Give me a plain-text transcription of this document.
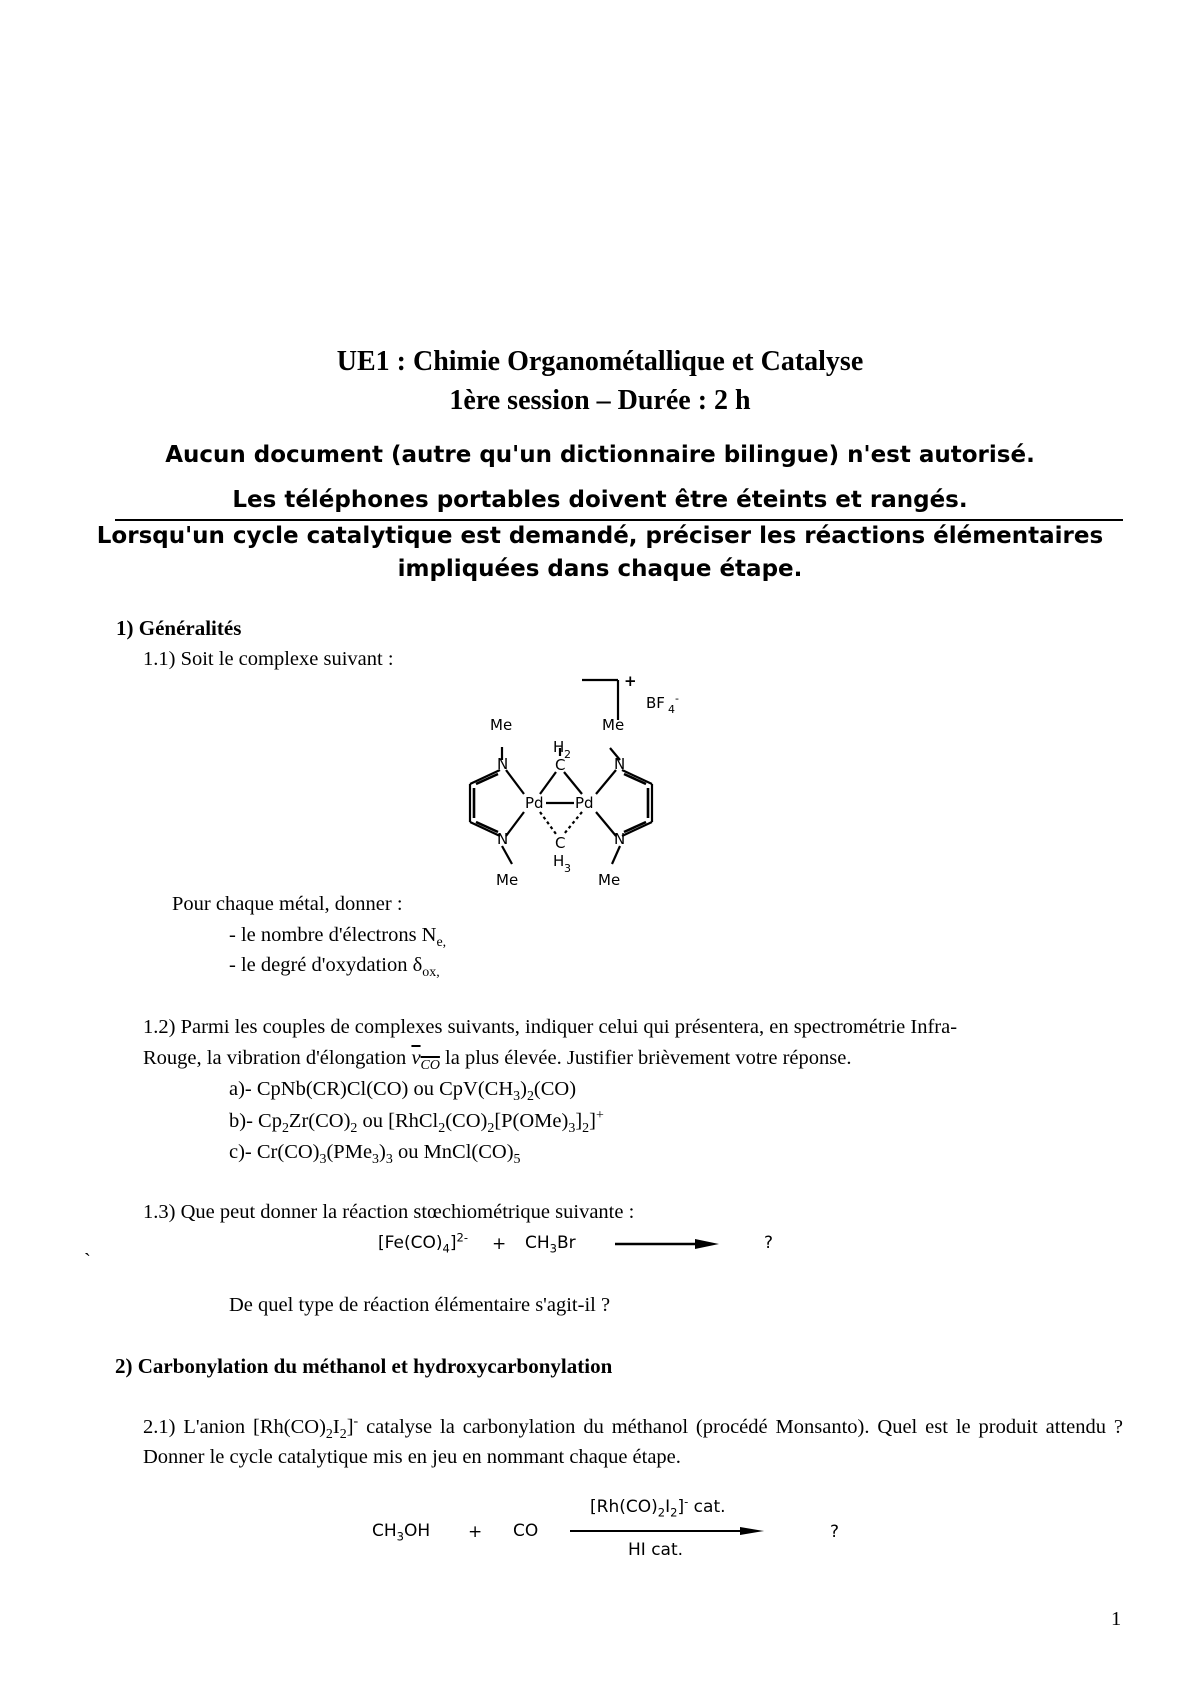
UE1 : Chimie Organométallique et Catalyse
1ère session – Durée : 2 h
Aucun document (autre qu'un dictionnaire bilingue) n'est autorisé.
Les téléphones portables doivent être éteints et rangés.
Lorsqu'un cycle catalytique est demandé, préciser les réactions élémentaires
impliquées dans chaque étape.
1) Généralités
1.1) Soit le complexe suivant :
Me	Me
Me	Me
H 2
C
C
H 3
N
N
N
N
Pd Pd
+
BF 4
-
Pour chaque métal, donner :
- le nombre d'électrons $N_{e,}$
- le degré d'oxydation $\delta_{ox,}$
1.2) Parmi les couples de complexes suivants, indiquer celui qui présentera, en spectrométrie Infra-
Rouge, la vibration d'élongation $\nu_{CO}$ la plus élevée. Justifier brièvement votre réponse.
a)- CpNb(CR)Cl(CO) ou $CpV(CH_3)_2(CO)$
b)- $Cp_2Zr(CO)_2$ ou $[RhCl_2(CO)_2[P(OMe)_3]_2]^+$
c)- $Cr(CO)_3(PMe_3)_3$ ou $MnCl(CO)_5$
1.3) Que peut donner la réaction stœchiométrique suivante :
$[Fe(CO)_4]^{2-} + CH_3Br$	?
`
De quel type de réaction élémentaire s'agit-il ?
2) Carbonylation du méthanol et hydroxycarbonylation
2.1) L'anion $[Rh(CO)_2I_2]^-$ catalyse la carbonylation du méthanol (procédé Monsanto). Quel est le produit attendu ? Donner le cycle catalytique mis en jeu en nommant chaque étape.
$CH_3OH$ + CO
$[Rh(CO)_2I_2]^-$ cat.
HI cat.
?
1
